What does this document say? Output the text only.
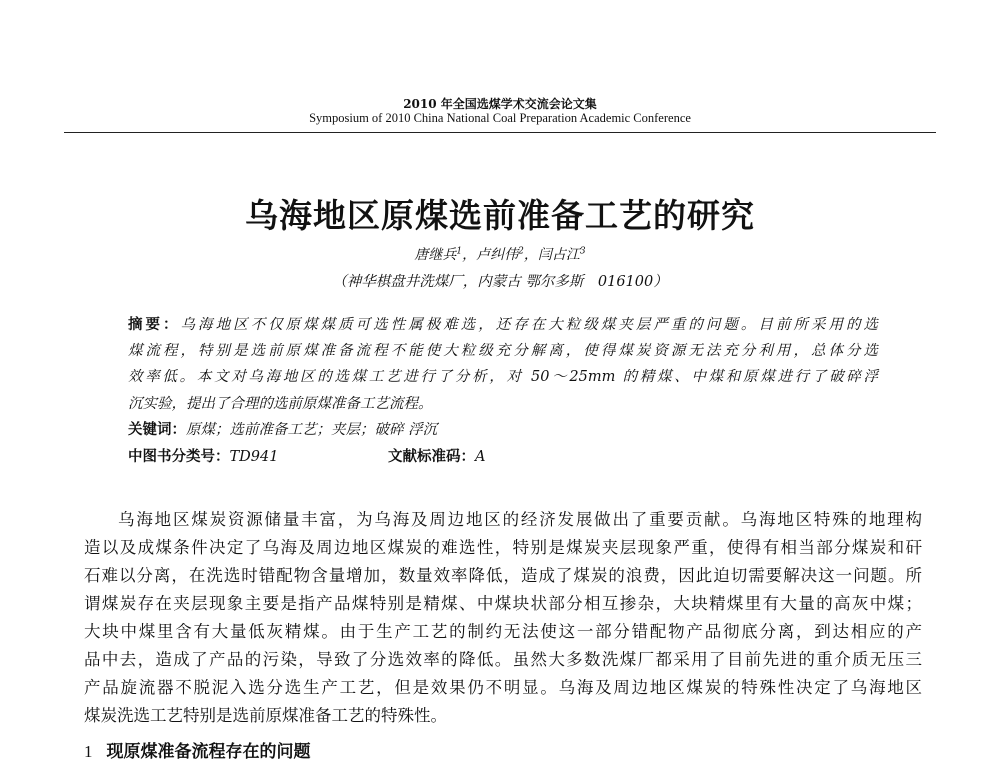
2010 年全国选煤学术交流会论文集
Symposium of 2010 China National Coal Preparation Academic Conference
乌海地区原煤选前准备工艺的研究
唐继兵$^1$，卢纠伟$^2$，闫占江$^3$
（神华棋盘井洗煤厂，内蒙古 鄂尔多斯　016100）
摘要：乌海地区不仅原煤煤质可选性属极难选，还存在大粒级煤夹层严重的问题。目前所采用的选
煤流程，特别是选前原煤准备流程不能使大粒级充分解离，使得煤炭资源无法充分利用，总体分选
效率低。本文对乌海地区的选煤工艺进行了分析，对 50～25mm 的精煤、中煤和原煤进行了破碎浮
沉实验，提出了合理的选前原煤准备工艺流程。
关键词：原煤；选前准备工艺；夹层；破碎 浮沉
中图书分类号：TD941	文献标准码：A
乌海地区煤炭资源储量丰富，为乌海及周边地区的经济发展做出了重要贡献。乌海地区特殊的地理构
造以及成煤条件决定了乌海及周边地区煤炭的难选性，特别是煤炭夹层现象严重，使得有相当部分煤炭和矸
石难以分离，在洗选时错配物含量增加，数量效率降低，造成了煤炭的浪费，因此迫切需要解决这一问题。所
谓煤炭存在夹层现象主要是指产品煤特别是精煤、中煤块状部分相互掺杂，大块精煤里有大量的高灰中煤；
大块中煤里含有大量低灰精煤。由于生产工艺的制约无法使这一部分错配物产品彻底分离，到达相应的产
品中去，造成了产品的污染，导致了分选效率的降低。虽然大多数洗煤厂都采用了目前先进的重介质无压三
产品旋流器不脱泥入选分选生产工艺，但是效果仍不明显。乌海及周边地区煤炭的特殊性决定了乌海地区
煤炭洗选工艺特别是选前原煤准备工艺的特殊性。
1 现原煤准备流程存在的问题
